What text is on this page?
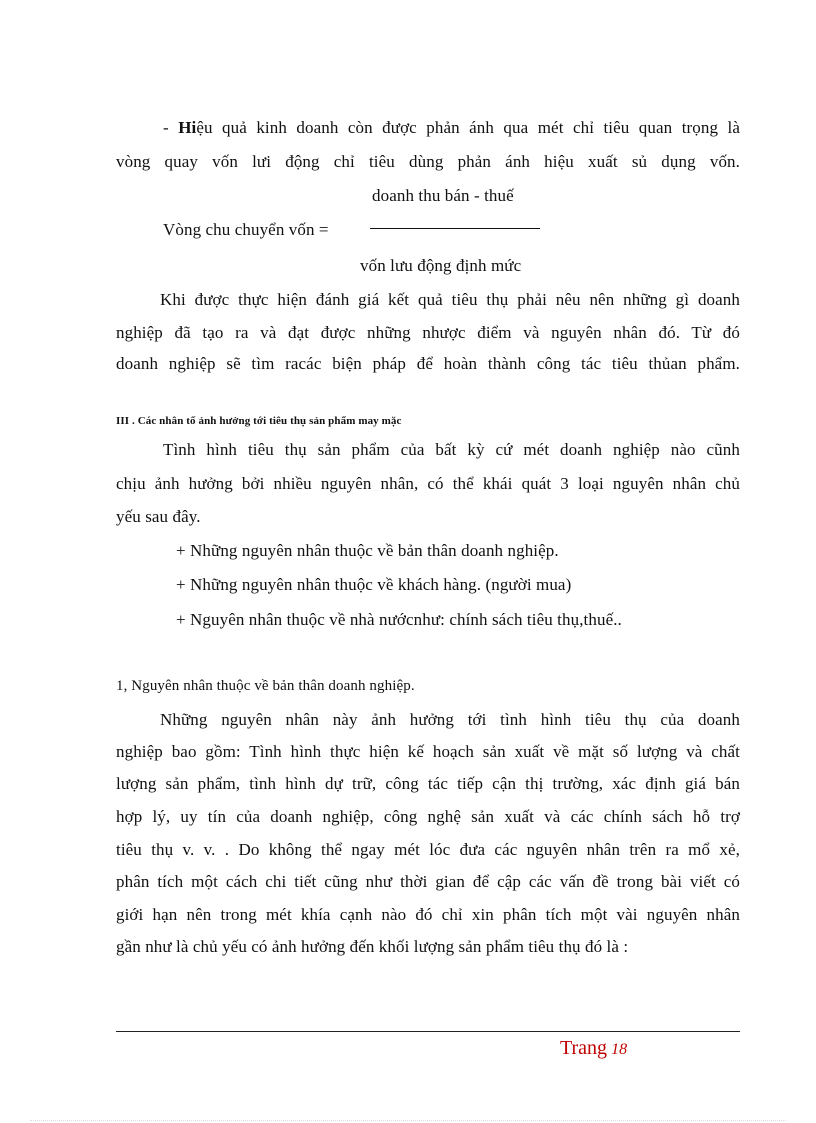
- Hiệu quả kinh doanh còn được phản ánh qua mét chỉ tiêu quan trọng là
vòng quay vốn lưi động chỉ tiêu dùng phản ánh hiệu xuất sủ dụng vốn.
doanh thu bán - thuế
Vòng chu chuyển vốn =
vốn lưu động định mức
Khi được thực hiện đánh giá kết quả tiêu thụ phải nêu nên những gì doanh
nghiệp đã tạo ra và đạt được những nhược điểm và nguyên nhân đó. Từ đó
doanh nghiệp sẽ tìm racác biện pháp để hoàn thành công tác tiêu thủan phẩm.
III . Các nhân tố ảnh hưởng tới tiêu thụ sản phẩm may mặc
Tình hình tiêu thụ sản phẩm của bất kỳ cứ mét doanh nghiệp nào cũnh
chịu ảnh hưởng bởi nhiều nguyên nhân, có thể khái quát 3 loại nguyên nhân chủ
yếu sau đây.
+ Những nguyên nhân thuộc về bản thân doanh nghiệp.
+ Những nguyên nhân thuộc về khách hàng. (người mua)
+ Nguyên nhân thuộc về nhà nướcnhư: chính sách tiêu thụ,thuế..
1, Nguyên nhân thuộc về bản thân doanh nghiệp.
Những nguyên nhân này ảnh hưởng tới tình hình tiêu thụ của doanh
nghiệp bao gồm: Tình hình thực hiện kế hoạch sản xuất về mặt số lượng và chất
lượng sản phẩm, tình hình dự trữ, công tác tiếp cận thị trường, xác định giá bán
hợp lý, uy tín của doanh nghiệp, công nghệ sản xuất và các chính sách hỗ trợ
tiêu thụ v. v. . Do không thể ngay mét lóc đưa các nguyên nhân trên ra mổ xẻ,
phân tích một cách chi tiết cũng như thời gian để cập các vấn đề trong bài viết có
giới hạn nên trong mét khía cạnh nào đó chỉ xin phân tích một vài nguyên nhân
gần như là chủ yếu có ảnh hưởng đến khối lượng sản phẩm tiêu thụ đó là :
Trang 18
